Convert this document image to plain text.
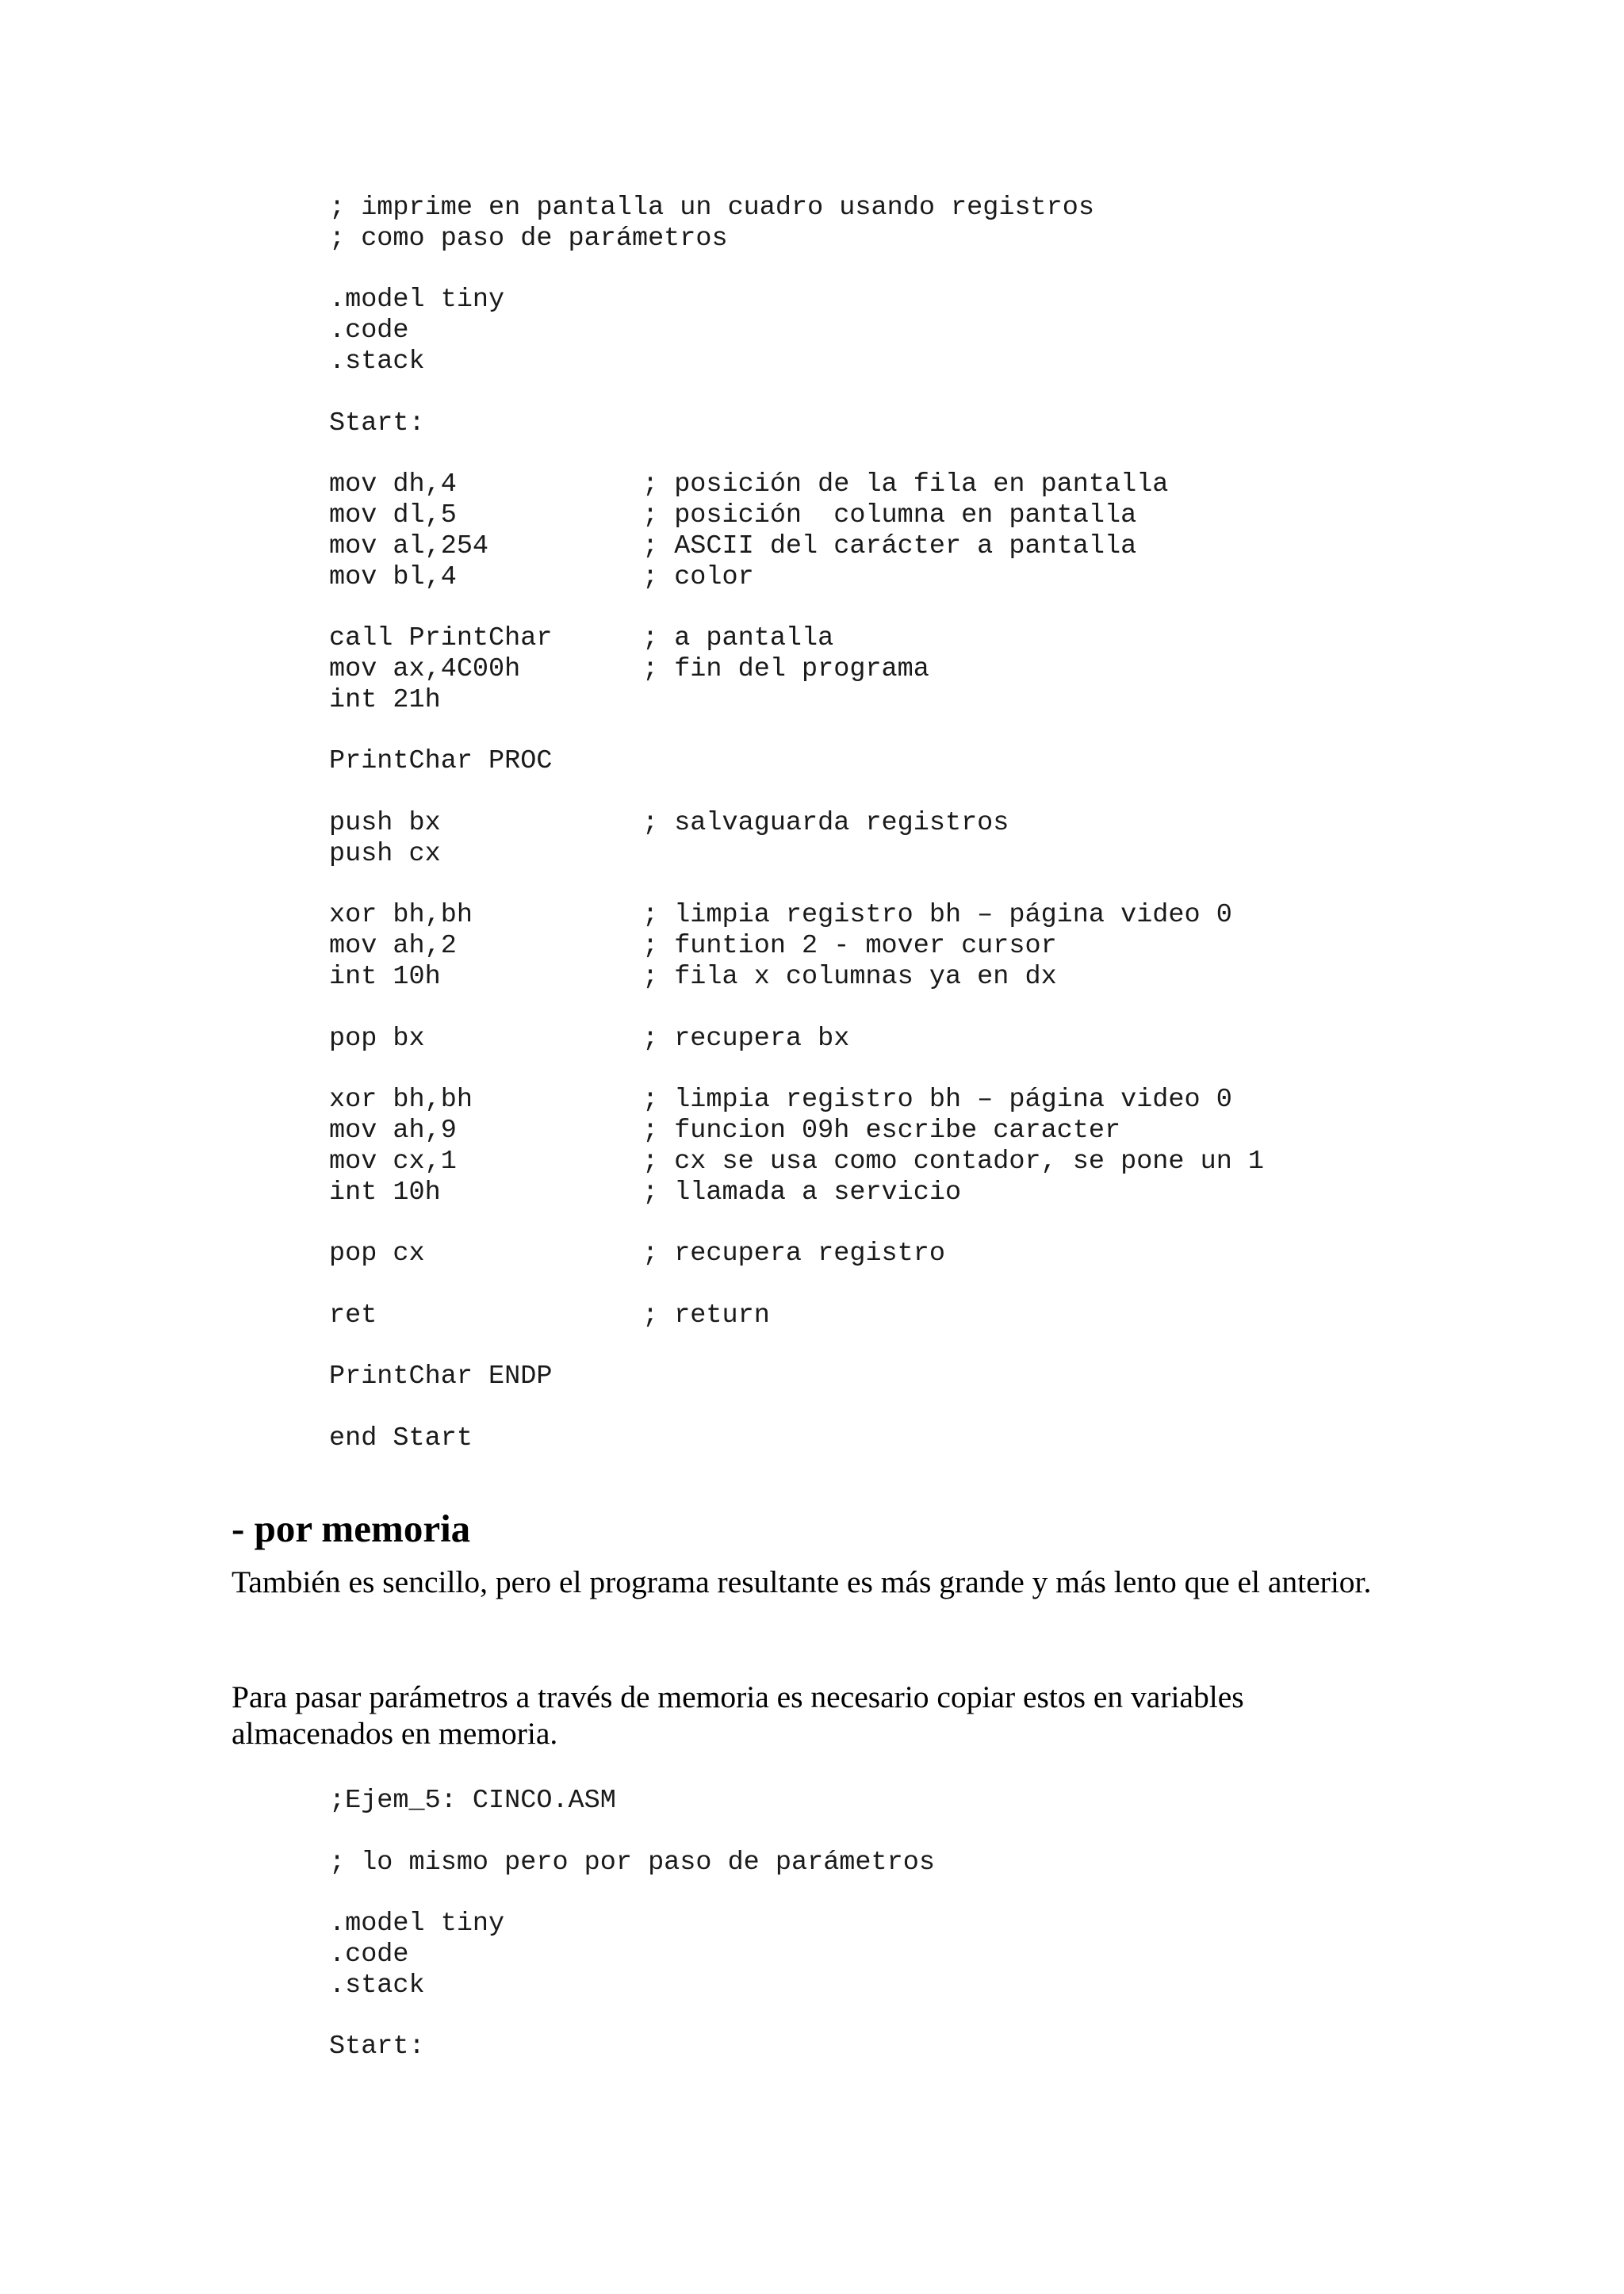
; imprime en pantalla un cuadro usando registros
; como paso de parámetros
.model tiny
.code
.stack
Start:
mov dh,4	; posición de la fila en pantalla
mov dl,5	; posición  columna en pantalla
mov al,254	; ASCII del carácter a pantalla
mov bl,4	; color
call PrintChar	; a pantalla
mov ax,4C00h	; fin del programa
int 21h
PrintChar PROC
push bx	; salvaguarda registros
push cx
xor bh,bh	; limpia registro bh – página video 0
mov ah,2	; funtion 2 - mover cursor
int 10h	; fila x columnas ya en dx
pop bx	; recupera bx
xor bh,bh	; limpia registro bh – página video 0
mov ah,9	; funcion 09h escribe caracter
mov cx,1	; cx se usa como contador, se pone un 1
int 10h	; llamada a servicio
pop cx	; recupera registro
ret	; return
PrintChar ENDP
end Start
- por memoria

También es sencillo, pero el programa resultante es más grande y más lento que el anterior.

Para pasar parámetros a través de memoria es necesario copiar estos en variables almacenados en memoria.

;Ejem_5: CINCO.ASM
; lo mismo pero por paso de parámetros
.model tiny
.code
.stack
Start:
